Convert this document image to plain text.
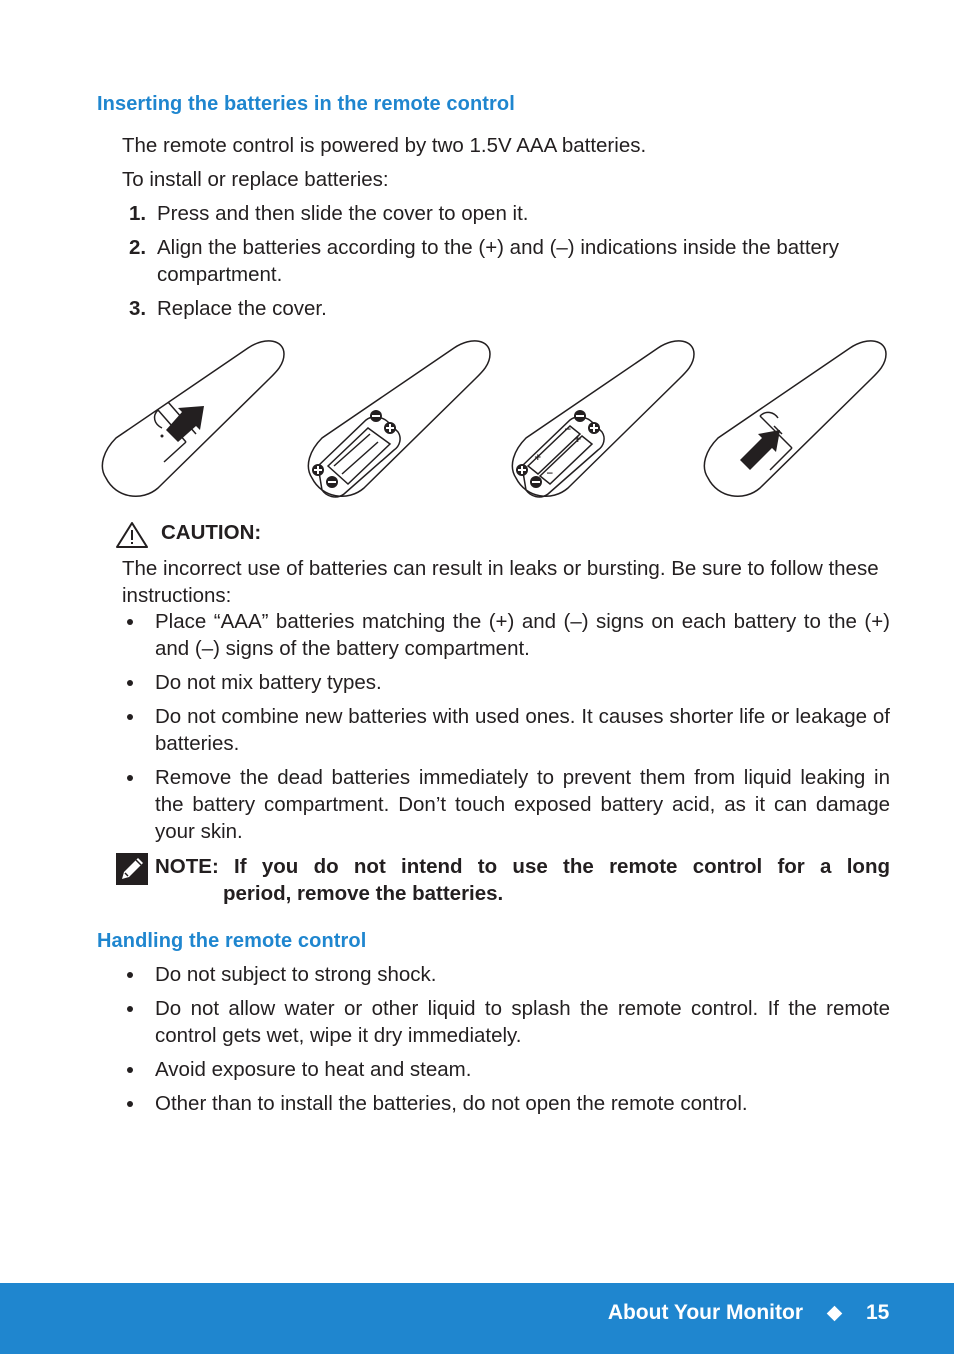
Inserting the batteries in the remote control
The remote control is powered by two 1.5V AAA batteries.
To install or replace batteries:
1. Press and then slide the cover to open it.
2. Align the batteries according to the (+) and (–) indications inside the battery compartment.
3. Replace the cover.
+
−
−
+
CAUTION:
The incorrect use of batteries can result in leaks or bursting. Be sure to follow these instructions:
Place “AAA” batteries matching the (+) and (–) signs on each battery to the (+) and (–) signs of the battery compartment.
Do not mix battery types.
Do not combine new batteries with used ones. It causes shorter life or leakage of batteries.
Remove the dead batteries immediately to prevent them from liquid leaking in the battery compartment. Don’t touch exposed battery acid, as it can damage your skin.
NOTE: If you do not intend to use the remote control for a long
period, remove the batteries.
Handling the remote control
Do not subject to strong shock.
Do not allow water or other liquid to splash the remote control. If the remote control gets wet, wipe it dry immediately.
Avoid exposure to heat and steam.
Other than to install the batteries, do not open the remote control.
About Your Monitor	15
